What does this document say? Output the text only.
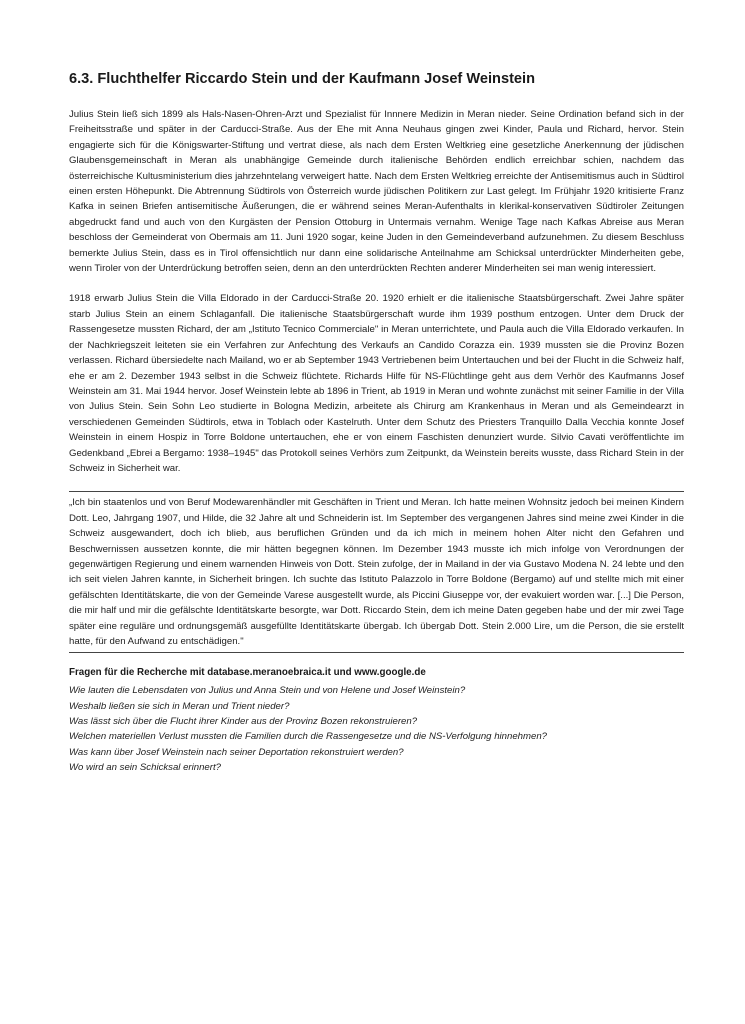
6.3. Fluchthelfer Riccardo Stein und der Kaufmann Josef Weinstein

Julius Stein ließ sich 1899 als Hals-Nasen-Ohren-Arzt und Spezialist für Innnere Medizin in Meran nieder. Seine Ordination befand sich in der Freiheitsstraße und später in der Carducci-Straße. Aus der Ehe mit Anna Neuhaus gingen zwei Kinder, Paula und Richard, hervor. Stein engagierte sich für die Königswarter-Stiftung und vertrat diese, als nach dem Ersten Weltkrieg eine gesetzliche Anerkennung der jüdischen Glaubensgemeinschaft in Meran als unabhängige Gemeinde durch italienische Behörden endlich erreichbar schien, nachdem das österreichische Kultusministerium dies jahrzehntelang verweigert hatte. Nach dem Ersten Weltkrieg erreichte der Antisemitismus auch in Südtirol einen ersten Höhepunkt. Die Abtrennung Südtirols von Österreich wurde jüdischen Politikern zur Last gelegt. Im Frühjahr 1920 kritisierte Franz Kafka in seinen Briefen antisemitische Äußerungen, die er während seines Meran-Aufenthalts in klerikal-konservativen Südtiroler Zeitungen abgedruckt fand und auch von den Kurgästen der Pension Ottoburg in Untermais vernahm. Wenige Tage nach Kafkas Abreise aus Meran beschloss der Gemeinderat von Obermais am 11. Juni 1920 sogar, keine Juden in den Gemeindeverband aufzunehmen. Zu diesem Beschluss bemerkte Julius Stein, dass es in Tirol offensichtlich nur dann eine solidarische Anteilnahme am Schicksal unterdrückter Minderheiten gebe, wenn Tiroler von der Unterdrückung betroffen seien, denn an den unterdrückten Rechten anderer Minderheiten sei man wenig interessiert.

1918 erwarb Julius Stein die Villa Eldorado in der Carducci-Straße 20. 1920 erhielt er die italienische Staatsbürgerschaft. Zwei Jahre später starb Julius Stein an einem Schlaganfall. Die italienische Staatsbürgerschaft wurde ihm 1939 posthum entzogen. Unter dem Druck der Rassengesetze mussten Richard, der am „Istituto Tecnico Commerciale" in Meran unterrichtete, und Paula auch die Villa Eldorado verkaufen. In der Nachkriegszeit leiteten sie ein Verfahren zur Anfechtung des Verkaufs an Candido Corazza ein. 1939 mussten sie die Provinz Bozen verlassen. Richard übersiedelte nach Mailand, wo er ab September 1943 Vertriebenen beim Untertauchen und bei der Flucht in die Schweiz half, ehe er am 2. Dezember 1943 selbst in die Schweiz flüchtete. Richards Hilfe für NS-Flüchtlinge geht aus dem Verhör des Kaufmanns Josef Weinstein am 31. Mai 1944 hervor. Josef Weinstein lebte ab 1896 in Trient, ab 1919 in Meran und wohnte zunächst mit seiner Familie in der Villa von Julius Stein. Sein Sohn Leo studierte in Bologna Medizin, arbeitete als Chirurg am Krankenhaus in Meran und als Gemeindearzt in verschiedenen Gemeinden Südtirols, etwa in Toblach oder Kastelruth. Unter dem Schutz des Priesters Tranquillo Dalla Vecchia konnte Josef Weinstein in einem Hospiz in Torre Boldone untertauchen, ehe er von einem Faschisten denunziert wurde. Silvio Cavati veröffentlichte im Gedenkband „Ebrei a Bergamo: 1938–1945" das Protokoll seines Verhörs zum Zeitpunkt, da Weinstein bereits wusste, dass Richard Stein in der Schweiz in Sicherheit war.

„Ich bin staatenlos und von Beruf Modewarenhändler mit Geschäften in Trient und Meran. Ich hatte meinen Wohnsitz jedoch bei meinen Kindern Dott. Leo, Jahrgang 1907, und Hilde, die 32 Jahre alt und Schneiderin ist. Im September des vergangenen Jahres sind meine zwei Kinder in die Schweiz ausgewandert, doch ich blieb, aus beruflichen Gründen und da ich mich in meinem hohen Alter nicht den Gefahren und Beschwernissen aussetzen konnte, die mir hätten begegnen können. Im Dezember 1943 musste ich mich infolge von Verordnungen der gegenwärtigen Regierung und einem warnenden Hinweis von Dott. Stein zufolge, der in Mailand in der via Gustavo Modena N. 24 lebte und den ich seit vielen Jahren kannte, in Sicherheit bringen. Ich suchte das Istituto Palazzolo in Torre Boldone (Bergamo) auf und stellte mich mit einer gefälschten Identitätskarte, die von der Gemeinde Varese ausgestellt wurde, als Piccini Giuseppe vor, der evakuiert worden war. [...] Die Person, die mir half und mir die gefälschte Identitätskarte besorgte, war Dott. Riccardo Stein, dem ich meine Daten gegeben habe und der mir zwei Tage später eine reguläre und ordnungsgemäß ausgefüllte Identitätskarte übergab. Ich übergab Dott. Stein 2.000 Lire, um die Person, die sie erstellt hatte, für den Aufwand zu entschädigen."
Fragen für die Recherche mit database.meranoebraica.it und www.google.de
Wie lauten die Lebensdaten von Julius und Anna Stein und von Helene und Josef Weinstein?
Weshalb ließen sie sich in Meran und Trient nieder?
Was lässt sich über die Flucht ihrer Kinder aus der Provinz Bozen rekonstruieren?
Welchen materiellen Verlust mussten die Familien durch die Rassengesetze und die NS-Verfolgung hinnehmen?
Was kann über Josef Weinstein nach seiner Deportation rekonstruiert werden?
Wo wird an sein Schicksal erinnert?
